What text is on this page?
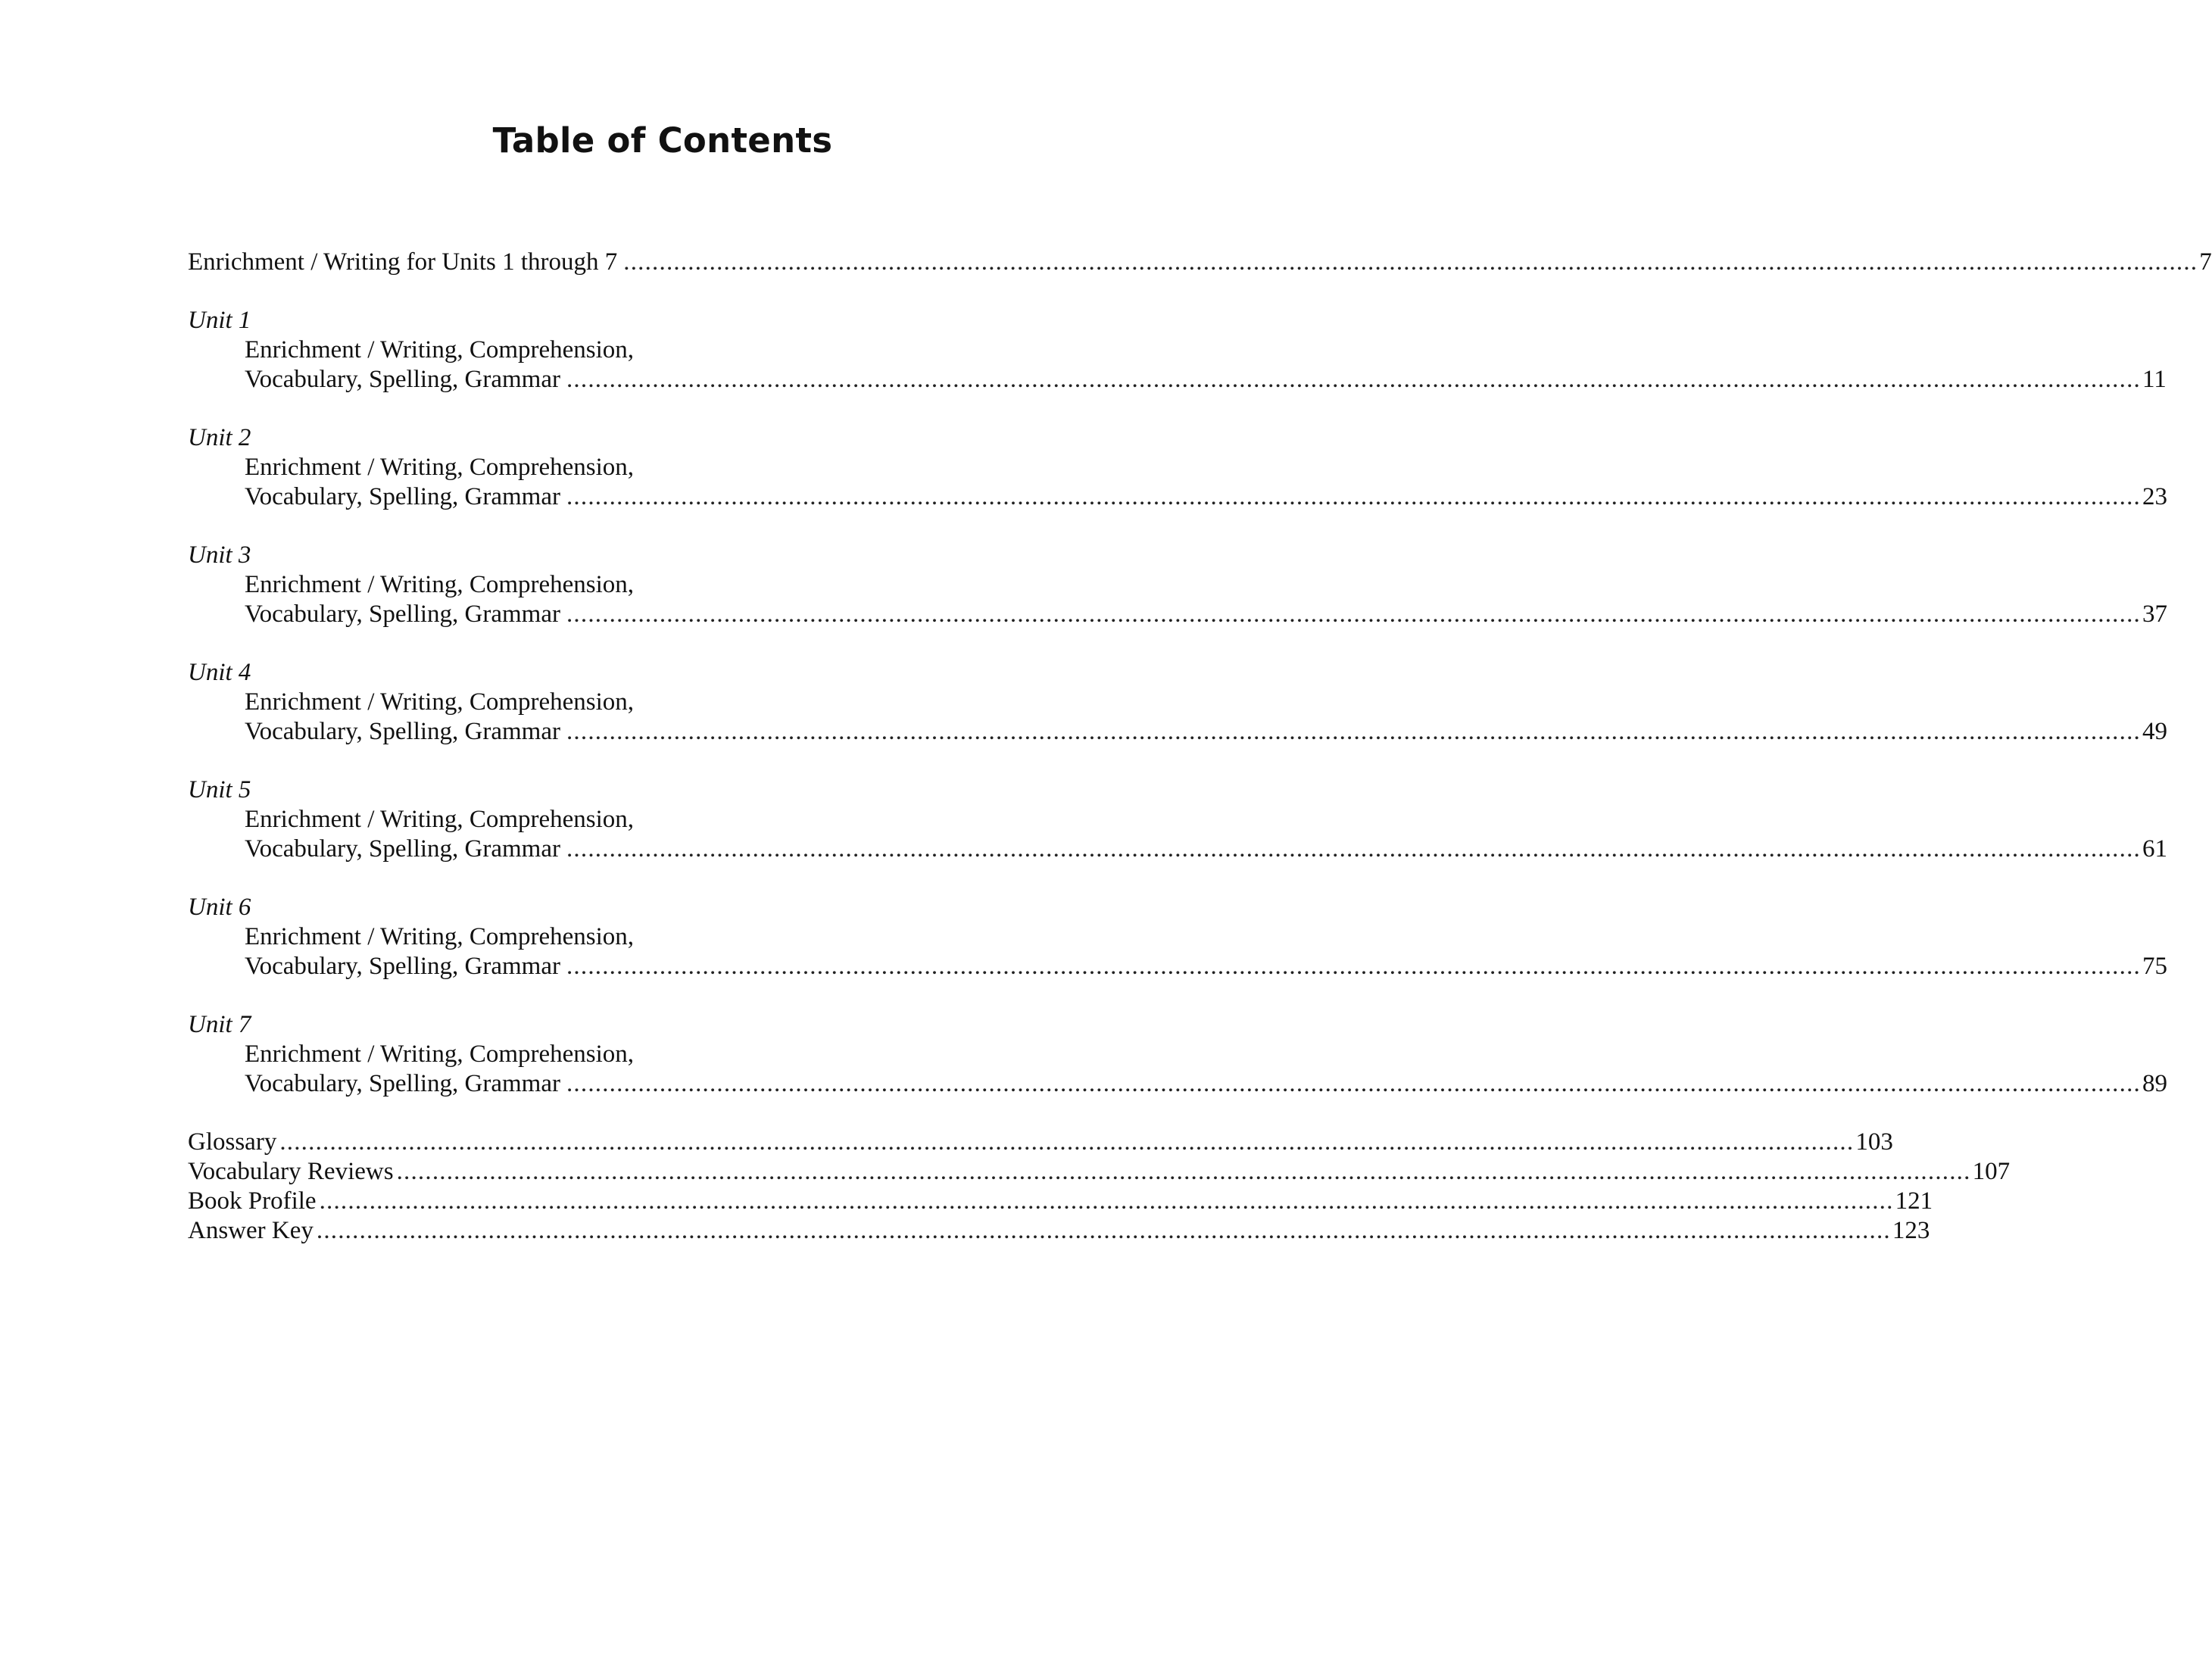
Table of Contents
Enrichment / Writing for Units 1 through 7 ............................................................................................................................................................................................................................ 7
Unit 1
Enrichment / Writing, Comprehension,
Vocabulary, Spelling, Grammar ............................................................................................................................................................................................................................ 11
Unit 2
Enrichment / Writing, Comprehension,
Vocabulary, Spelling, Grammar ............................................................................................................................................................................................................................ 23
Unit 3
Enrichment / Writing, Comprehension,
Vocabulary, Spelling, Grammar ............................................................................................................................................................................................................................ 37
Unit 4
Enrichment / Writing, Comprehension,
Vocabulary, Spelling, Grammar ............................................................................................................................................................................................................................ 49
Unit 5
Enrichment / Writing, Comprehension,
Vocabulary, Spelling, Grammar ............................................................................................................................................................................................................................ 61
Unit 6
Enrichment / Writing, Comprehension,
Vocabulary, Spelling, Grammar ............................................................................................................................................................................................................................ 75
Unit 7
Enrichment / Writing, Comprehension,
Vocabulary, Spelling, Grammar ............................................................................................................................................................................................................................ 89
Glossary ............................................................................................................................................................................................................................ 103
Vocabulary Reviews ............................................................................................................................................................................................................................ 107
Book Profile ............................................................................................................................................................................................................................ 121
Answer Key ............................................................................................................................................................................................................................ 123
